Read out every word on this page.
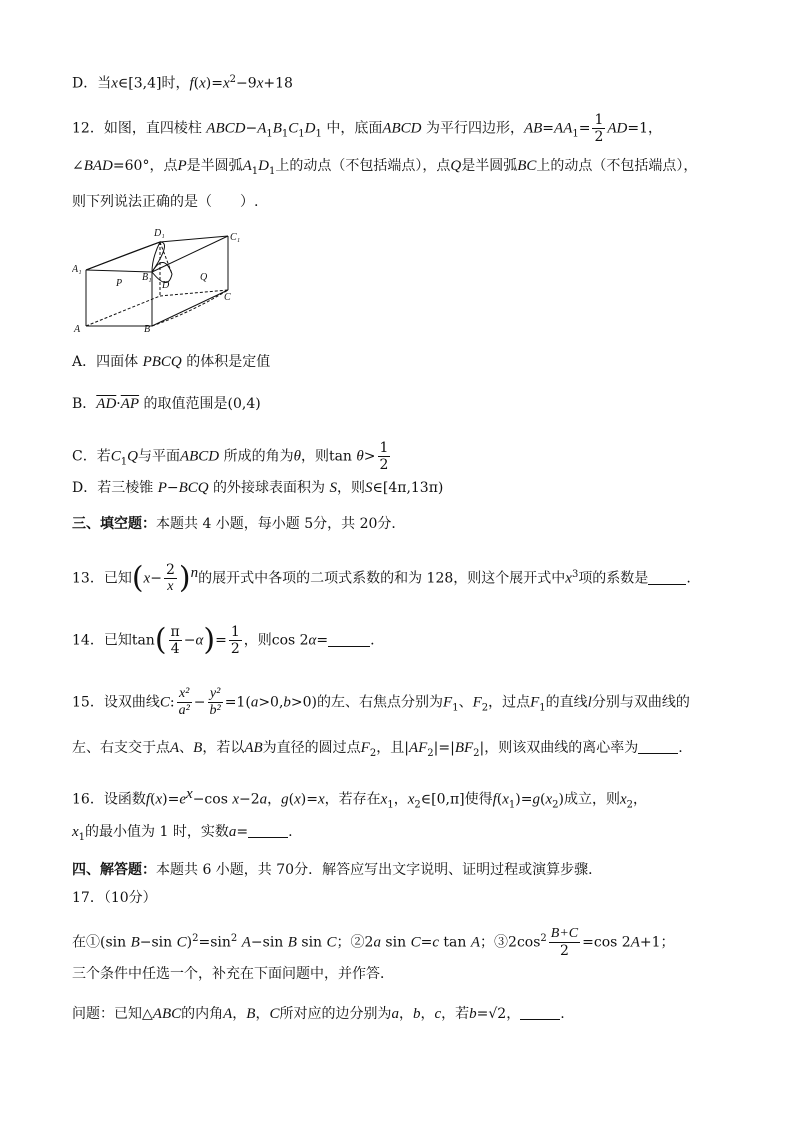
D．当x∈[3,4]时，$f(x)=x^2-9x+18$
12．如图，直四棱柱 $ABCD-A_1B_1C_1D_1$ 中，底面ABCD 为平行四边形，$AB=AA_1= \frac{1}{2} AD=1$，
∠BAD=60°，点P是半圆弧$A_1D_1$上的动点（不包括端点），点Q是半圆弧BC上的动点（不包括端点），
则下列说法正确的是（　　）.
A₁
B₁
C₁
D₁
A	B
C
D
P
Q
A．四面体 PBCQ 的体积是定值
B．$\overline{AD}\cdot\overline{AP}$ 的取值范围是(0,4)
C．若$C_1Q$与平面ABCD 所成的角为θ，则$\tan \theta> \frac{1}{2}$
D．若三棱锥 P−BCQ 的外接球表面积为 S，则S∈[4π,13π)
三、填空题：本题共 4 小题，每小题 5分，共 20分．
13．已知$(x- \frac{2}{x} )^n$的展开式中各项的二项式系数的和为 128，则这个展开式中$x^3$项的系数是	.
14．已知$\tan( \frac{\pi}{4} -\alpha)= \frac{1}{2}$ ，则cos 2α=	.
15．设双曲线C: $\frac{\text{x²}}{\text{a²}} - \frac{\text{y²}}{\text{b²}} =1(a>0,b>0)$的左、右焦点分别为$F_1$、$F_2$，过点$F_1$的直线l分别与双曲线的
左、右支交于点A、B，若以AB为直径的圆过点$F_2$，且$|AF_2|=|BF_2|$，则该双曲线的离心率为	.
16．设函数$f(x)=e^x-\cos$ x−2a，g(x)=x，若存在$x_1$，$x_2\in[0,\pi]$使得$f(x_1)=g(x_2)$成立，则$x_2$，
$x_1$的最小值为 1 时，实数a=	.
四、解答题：本题共 6 小题，共 70分．解答应写出文字说明、证明过程或演算步骤．
17．（10分）
在①(sin B−sin $C)^2=\sin^2$ A−sin B sin C；②2a sin C=c tan A；$③2\cos^2 \frac{B+C}{2} =\cos$ 2A+1；
三个条件中任选一个，补充在下面问题中，并作答．
问题：已知△ABC的内角A，B，C所对应的边分别为a，b，c，若b=√2，	.
